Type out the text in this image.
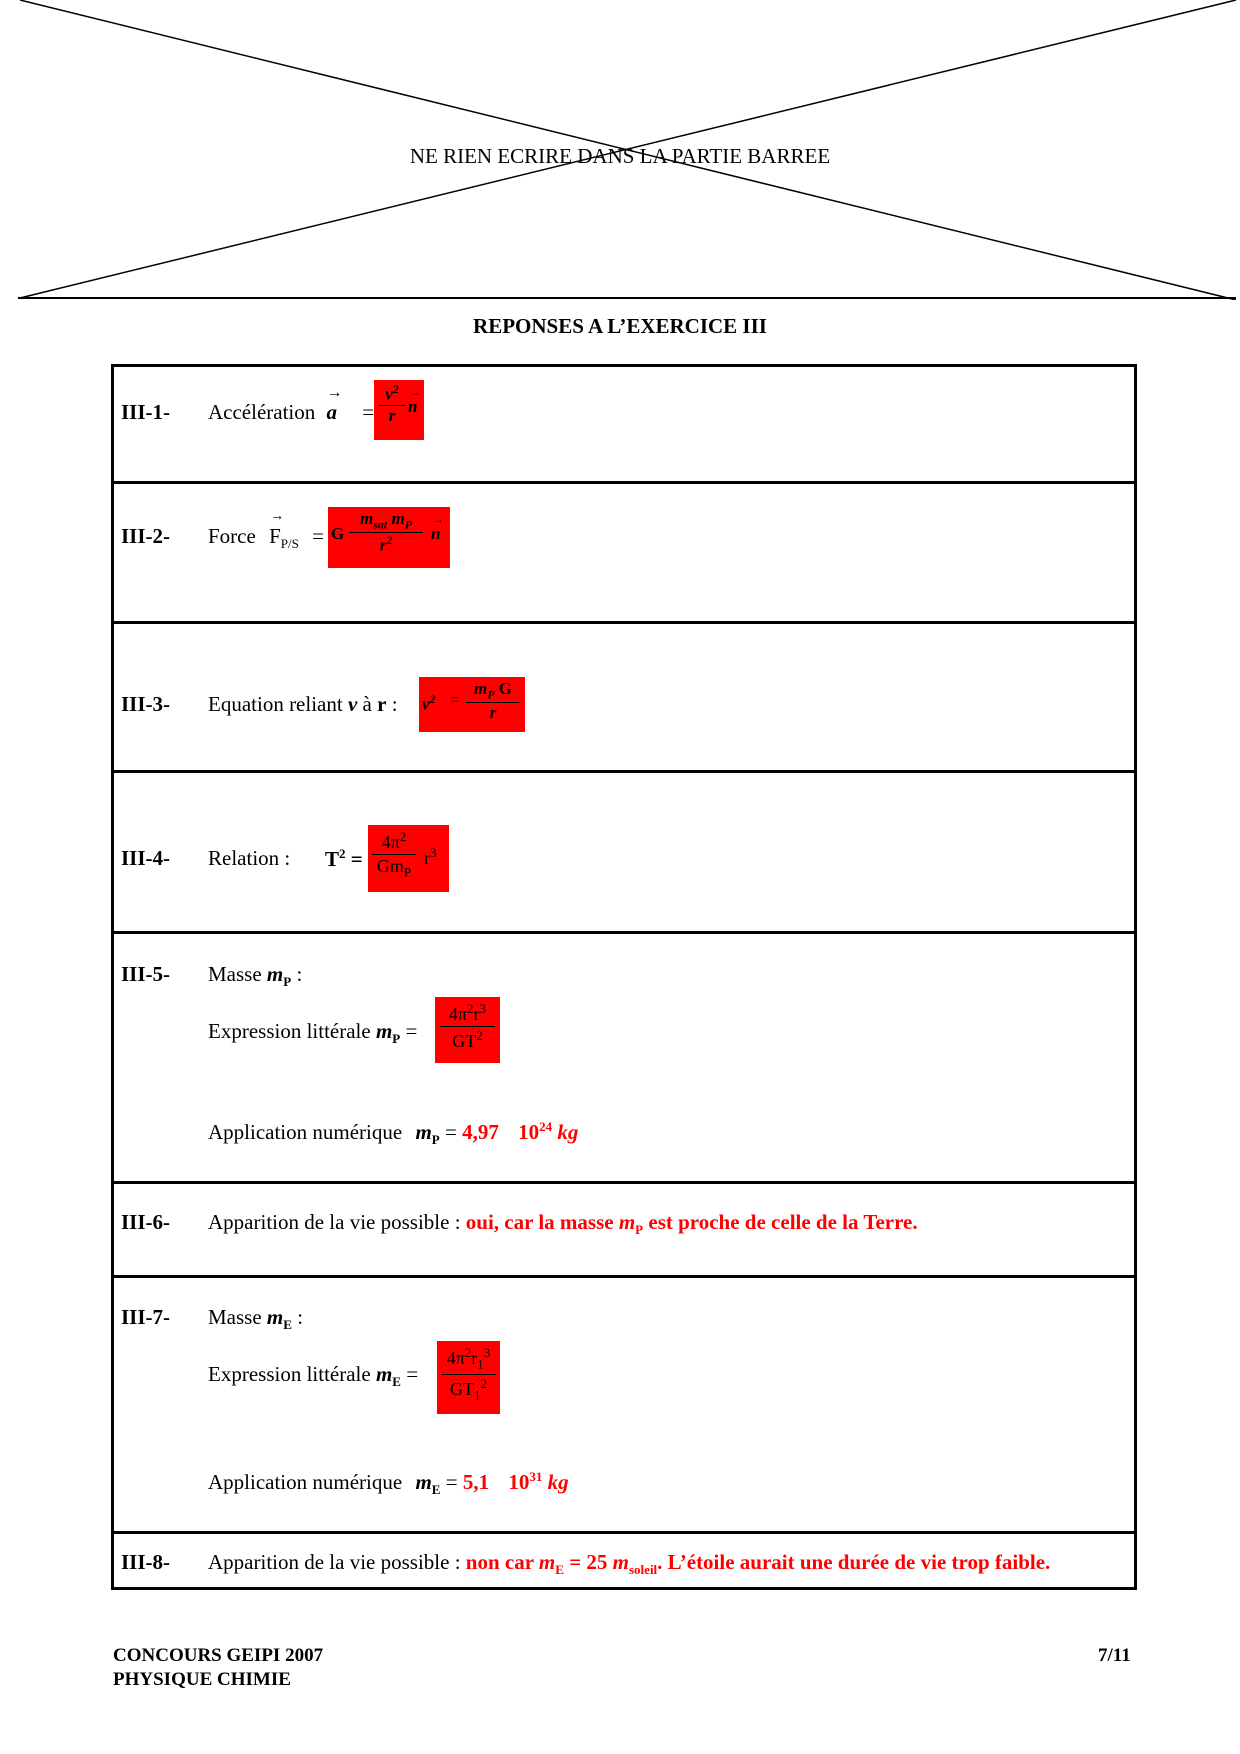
NE RIEN ECRIRE DANS LA PARTIE BARREE
REPONSES A L’EXERCICE III
III-1- Accélération
→
a =
$v^2$
r n
→
III-2- Force
→
$F_{P/S} = G$
$m_{sat}$ $m_P$
$r^2$ n
→
III-3- Equation reliant v à r : $v^2$ =
$m_P$ G
r
III-4- Relation : $T^2$ =
$4\pi^2$
$Gm_P$
$r^3$
III-5- Masse $m_P$ :
Expression littérale $m_P$ =
$4\pi^2r^3$
$GT^2$
Application numérique $m_P = 4,97$ $10^{24}$ kg
III-6- Apparition de la vie possible : oui, car la masse $m_P$ est proche de celle de la Terre.
III-7- Masse $m_E$ :
Expression littérale $m_E$ =
$4\pi^2r_1^3$
$GT_1^2$
Application numérique $m_E = 5,1$ $10^{31}$ kg
III-8- Apparition de la vie possible : non car $m_E = 25$ $m_{soleil}$. L’étoile aurait une durée de vie trop faible.
CONCOURS GEIPI 2007
PHYSIQUE CHIMIE
7/11
